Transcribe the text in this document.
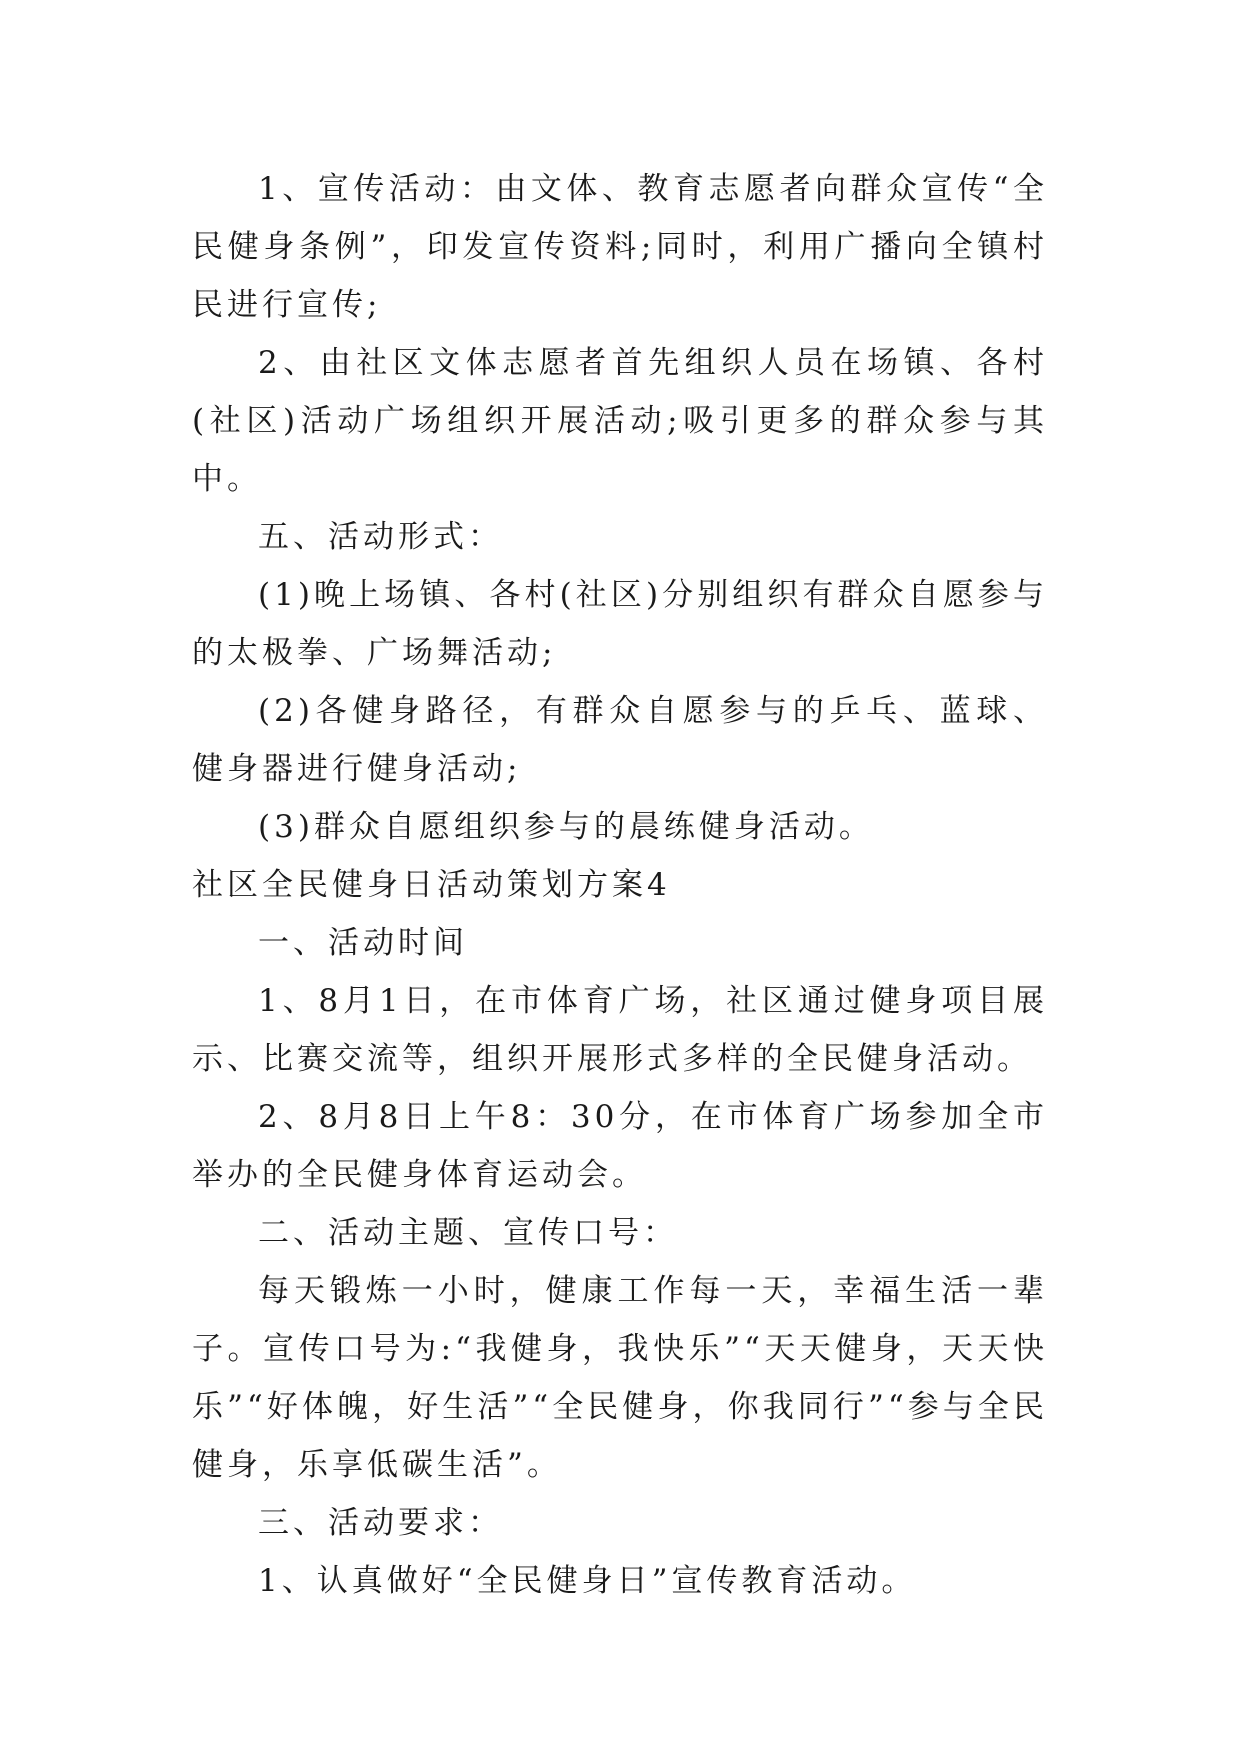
1、宣传活动：由文体、教育志愿者向群众宣传“全民健身条例”，印发宣传资料;同时，利用广播向全镇村民进行宣传;

2、由社区文体志愿者首先组织人员在场镇、各村(社区)活动广场组织开展活动;吸引更多的群众参与其中。

五、活动形式：

(1)晚上场镇、各村(社区)分别组织有群众自愿参与的太极拳、广场舞活动;

(2)各健身路径，有群众自愿参与的乒乓、蓝球、健身器进行健身活动;

(3)群众自愿组织参与的晨练健身活动。

社区全民健身日活动策划方案4

一、活动时间

1、8月1日，在市体育广场，社区通过健身项目展示、比赛交流等，组织开展形式多样的全民健身活动。

2、8月8日上午8：30分，在市体育广场参加全市举办的全民健身体育运动会。

二、活动主题、宣传口号：

每天锻炼一小时，健康工作每一天，幸福生活一辈子。宣传口号为:“我健身，我快乐”“天天健身，天天快乐”“好体魄，好生活”“全民健身，你我同行”“参与全民健身，乐享低碳生活”。

三、活动要求：

1、认真做好“全民健身日”宣传教育活动。
